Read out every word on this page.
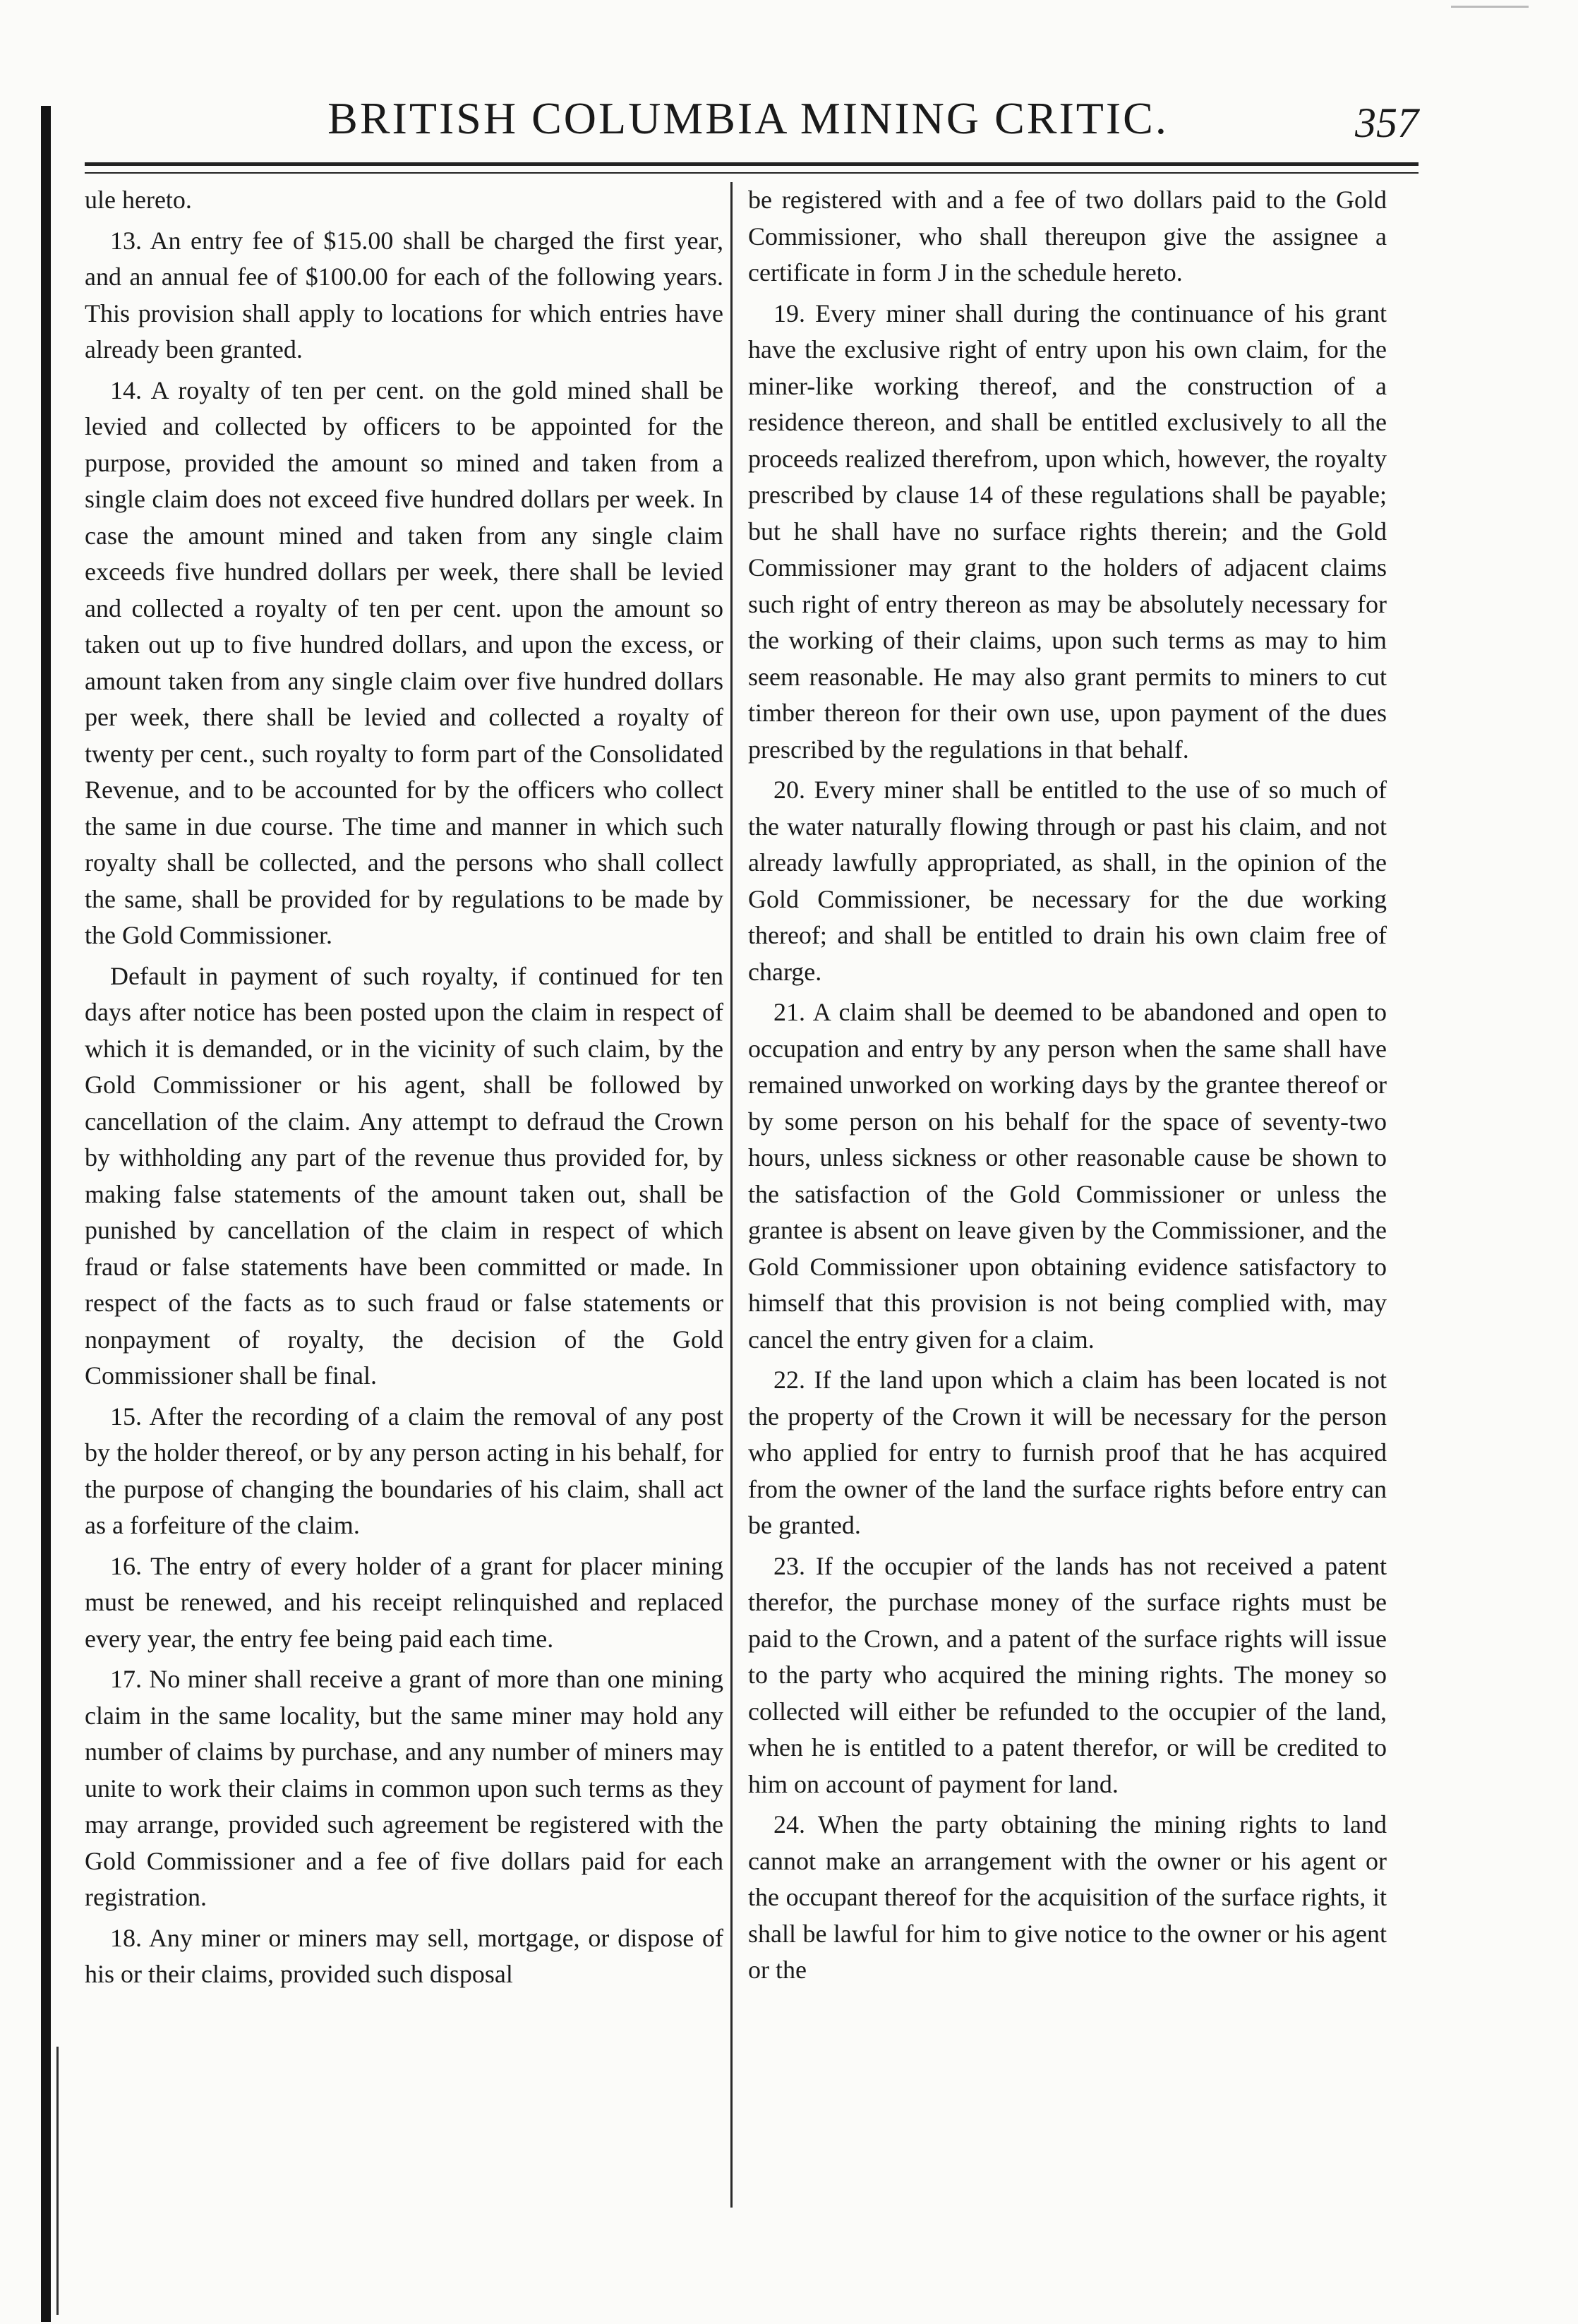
BRITISH COLUMBIA MINING CRITIC.	357

ule hereto.

13. An entry fee of $15.00 shall be charged the first year, and an annual fee of $100.00 for each of the following years. This provision shall apply to locations for which entries have already been granted.

14. A royalty of ten per cent. on the gold mined shall be levied and collected by officers to be appointed for the purpose, provided the amount so mined and taken from a single claim does not exceed five hundred dollars per week. In case the amount mined and taken from any single claim exceeds five hundred dollars per week, there shall be levied and collected a royalty of ten per cent. upon the amount so taken out up to five hundred dollars, and upon the excess, or amount taken from any single claim over five hundred dollars per week, there shall be levied and collected a royalty of twenty per cent., such royalty to form part of the Consolidated Revenue, and to be accounted for by the officers who collect the same in due course. The time and manner in which such royalty shall be collected, and the persons who shall collect the same, shall be provided for by regulations to be made by the Gold Commissioner.

Default in payment of such royalty, if continued for ten days after notice has been posted upon the claim in respect of which it is demanded, or in the vicinity of such claim, by the Gold Commissioner or his agent, shall be followed by cancellation of the claim. Any attempt to defraud the Crown by withholding any part of the revenue thus provided for, by making false statements of the amount taken out, shall be punished by cancellation of the claim in respect of which fraud or false statements have been committed or made. In respect of the facts as to such fraud or false statements or nonpayment of royalty, the decision of the Gold Commissioner shall be final.

15. After the recording of a claim the removal of any post by the holder thereof, or by any person acting in his behalf, for the purpose of changing the boundaries of his claim, shall act as a forfeiture of the claim.

16. The entry of every holder of a grant for placer mining must be renewed, and his receipt relinquished and replaced every year, the entry fee being paid each time.

17. No miner shall receive a grant of more than one mining claim in the same locality, but the same miner may hold any number of claims by purchase, and any number of miners may unite to work their claims in common upon such terms as they may arrange, provided such agreement be registered with the Gold Commissioner and a fee of five dollars paid for each registration.

18. Any miner or miners may sell, mortgage, or dispose of his or their claims, provided such disposal

be registered with and a fee of two dollars paid to the Gold Commissioner, who shall thereupon give the assignee a certificate in form J in the schedule hereto.

19. Every miner shall during the continuance of his grant have the exclusive right of entry upon his own claim, for the miner-like working thereof, and the construction of a residence thereon, and shall be entitled exclusively to all the proceeds realized therefrom, upon which, however, the royalty prescribed by clause 14 of these regulations shall be payable; but he shall have no surface rights therein; and the Gold Commissioner may grant to the holders of adjacent claims such right of entry thereon as may be absolutely necessary for the working of their claims, upon such terms as may to him seem reasonable. He may also grant permits to miners to cut timber thereon for their own use, upon payment of the dues prescribed by the regulations in that behalf.

20. Every miner shall be entitled to the use of so much of the water naturally flowing through or past his claim, and not already lawfully appropriated, as shall, in the opinion of the Gold Commissioner, be necessary for the due working thereof; and shall be entitled to drain his own claim free of charge.

21. A claim shall be deemed to be abandoned and open to occupation and entry by any person when the same shall have remained unworked on working days by the grantee thereof or by some person on his behalf for the space of seventy-two hours, unless sickness or other reasonable cause be shown to the satisfaction of the Gold Commissioner or unless the grantee is absent on leave given by the Commissioner, and the Gold Commissioner upon obtaining evidence satisfactory to himself that this provision is not being complied with, may cancel the entry given for a claim.

22. If the land upon which a claim has been located is not the property of the Crown it will be necessary for the person who applied for entry to furnish proof that he has acquired from the owner of the land the surface rights before entry can be granted.

23. If the occupier of the lands has not received a patent therefor, the purchase money of the surface rights must be paid to the Crown, and a patent of the surface rights will issue to the party who acquired the mining rights. The money so collected will either be refunded to the occupier of the land, when he is entitled to a patent therefor, or will be credited to him on account of payment for land.

24. When the party obtaining the mining rights to land cannot make an arrangement with the owner or his agent or the occupant thereof for the acquisition of the surface rights, it shall be lawful for him to give notice to the owner or his agent or the
